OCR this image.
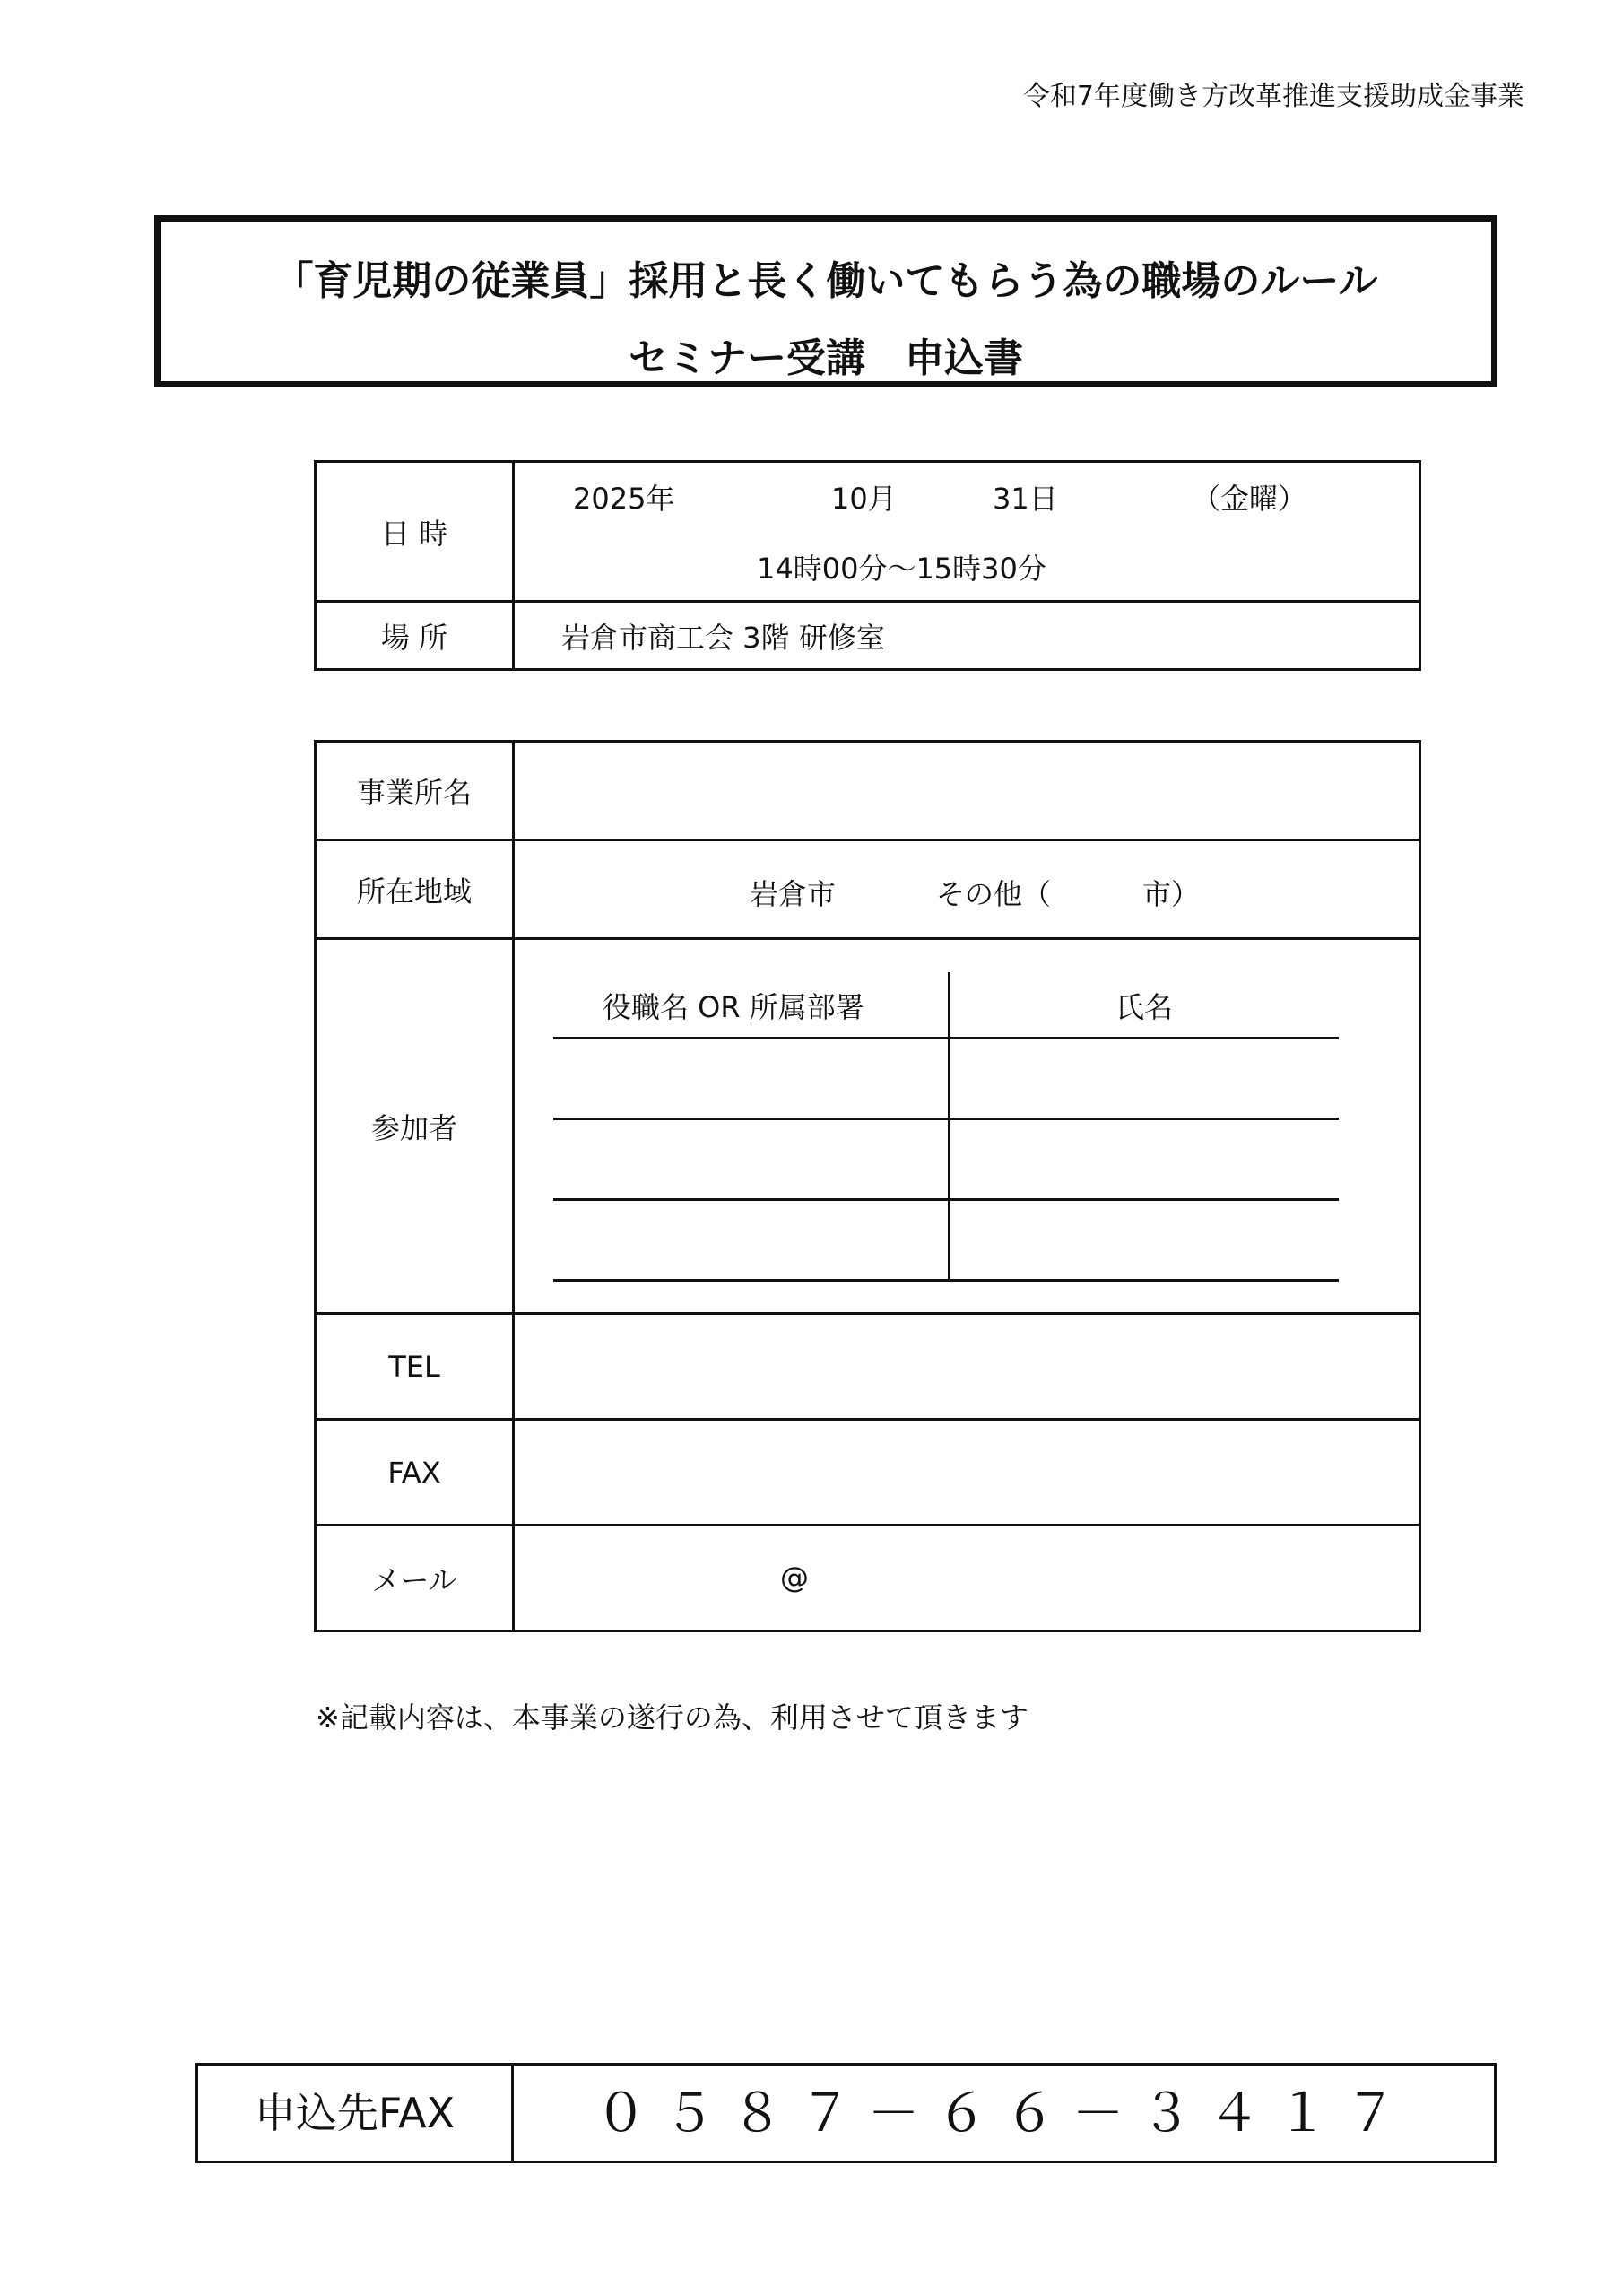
令和7年度働き方改革推進支援助成金事業
「育児期の従業員」採用と長く働いてもらう為の職場のルール
セミナー受講　申込書
日 時	2025年 10月 31日 （金曜）
14時00分～15時30分

場 所	岩倉市商工会 3階 研修室
事業所名	
所在地域	岩倉市 その他（ 市）

参加者	役職名 OR 所属部署 氏名

TEL	
FAX	
メール	@
※記載内容は、本事業の遂行の為、利用させて頂きます
申込先FAX	０５８７－６６－３４１７
